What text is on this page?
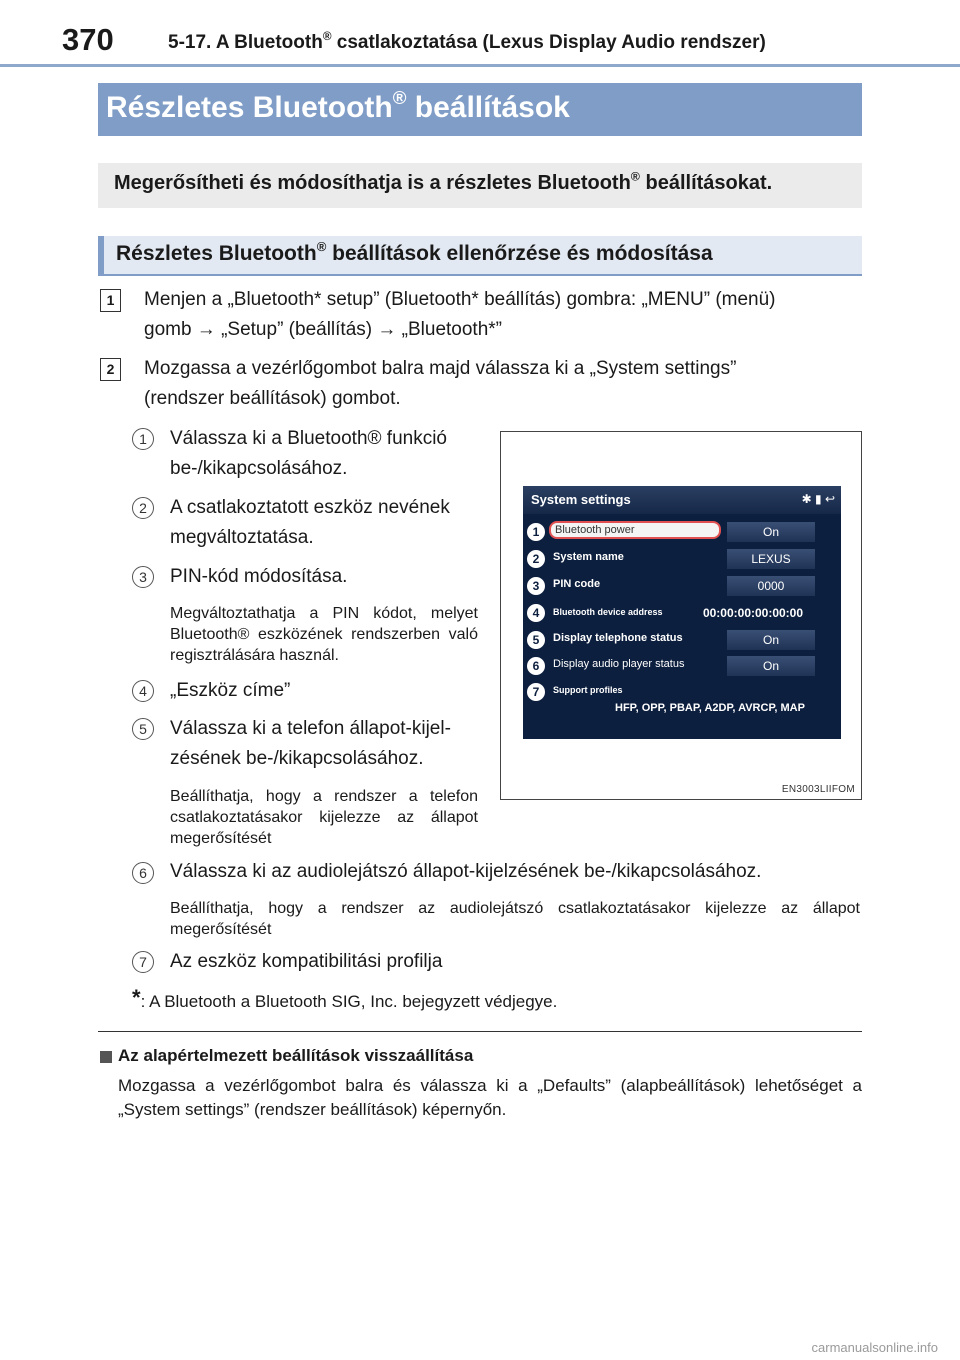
370	5-17. A Bluetooth® csatlakoztatása (Lexus Display Audio rendszer)
Részletes Bluetooth® beállítások
Megerősítheti és módosíthatja is a részletes Bluetooth® beállításokat.
Részletes Bluetooth® beállítások ellenőrzése és módosítása
1	Menjen a „Bluetooth* setup” (Bluetooth* beállítás) gombra: „MENU” (menü)
gomb → „Setup” (beállítás) → „Bluetooth*”
2	Mozgassa a vezérlőgombot balra majd válassza ki a „System settings”
(rendszer beállítások) gombot.
1	Válassza ki a Bluetooth® funkció
be-/kikapcsolásához.
2	A csatlakoztatott eszköz nevének
megváltoztatása.
3	PIN-kód módosítása.
Megváltoztathatja a PIN kódot, melyet Bluetooth® eszközének rendszerben való regisztrálására használ.
4	„Eszköz címe”
5	Válassza ki a telefon állapot-kijel-
zésének be-/kikapcsolásához.
Beállíthatja, hogy a rendszer a telefon csatlakoztatásakor kijelezze az állapot megerősítését
6	Válassza ki az audiolejátszó állapot-kijelzésének be-/kikapcsolásához.
Beállíthatja, hogy a rendszer az audiolejátszó csatlakoztatásakor kijelezze az állapot megerősítését
7	Az eszköz kompatibilitási profilja
System settings	✱ ▮ ↩
1	Bluetooth power	On
2	System name	LEXUS
3	PIN code	0000
4	Bluetooth device address	00:00:00:00:00:00
5	Display telephone status	On
6	Display audio player status	On
7	Support profiles
HFP, OPP, PBAP, A2DP, AVRCP, MAP
EN3003LIIFOM
*: A Bluetooth a Bluetooth SIG, Inc. bejegyzett védjegye.
Az alapértelmezett beállítások visszaállítása
Mozgassa a vezérlőgombot balra és válassza ki a „Defaults” (alapbeállítások) lehetőséget a „System settings” (rendszer beállítások) képernyőn.
carmanualsonline.info
